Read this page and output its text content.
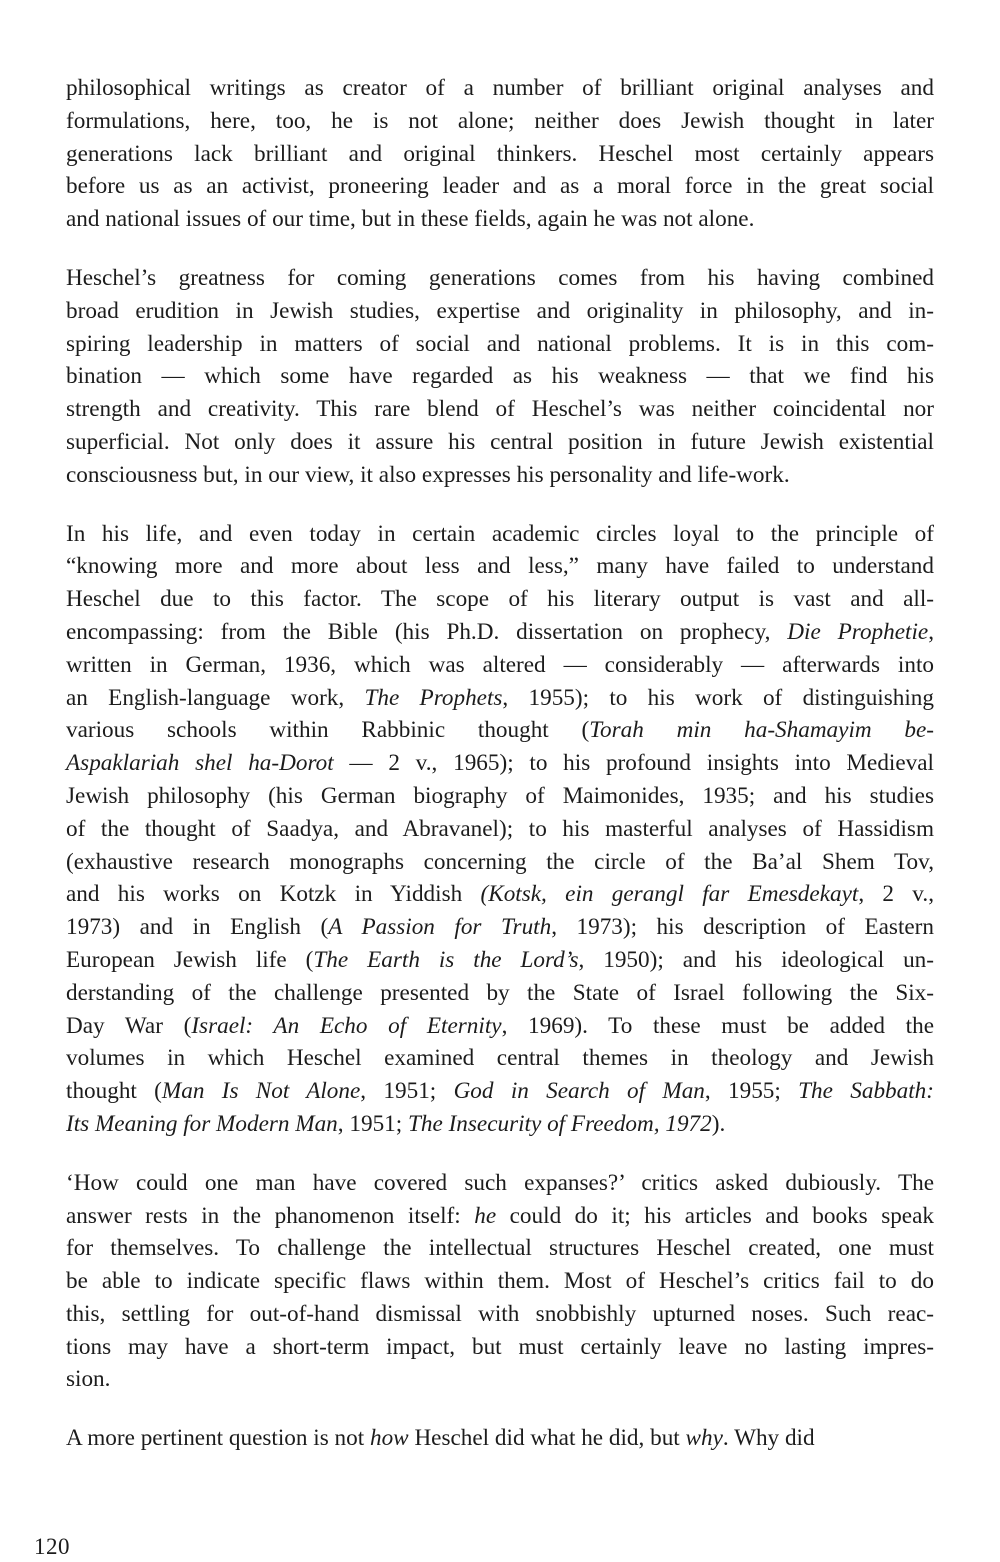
philosophical writings as creator of a number of brilliant original analyses and
formulations, here, too, he is not alone; neither does Jewish thought in later
generations lack brilliant and original thinkers. Heschel most certainly appears
before us as an activist, proneering leader and as a moral force in the great social
and national issues of our time, but in these fields, again he was not alone.
Heschel’s greatness for coming generations comes from his having combined
broad erudition in Jewish studies, expertise and originality in philosophy, and in-
spiring leadership in matters of social and national problems. It is in this com-
bination — which some have regarded as his weakness — that we find his
strength and creativity. This rare blend of Heschel’s was neither coincidental nor
superficial. Not only does it assure his central position in future Jewish existential
consciousness but, in our view, it also expresses his personality and life-work.
In his life, and even today in certain academic circles loyal to the principle of
“knowing more and more about less and less,” many have failed to understand
Heschel due to this factor. The scope of his literary output is vast and all-
encompassing: from the Bible (his Ph.D. dissertation on prophecy, Die Prophetie,
written in German, 1936, which was altered — considerably — afterwards into
an English-language work, The Prophets, 1955); to his work of distinguishing
various schools within Rabbinic thought (Torah min ha-Shamayim be-
Aspaklariah shel ha-Dorot — 2 v., 1965); to his profound insights into Medieval
Jewish philosophy (his German biography of Maimonides, 1935; and his studies
of the thought of Saadya, and Abravanel); to his masterful analyses of Hassidism
(exhaustive research monographs concerning the circle of the Ba’al Shem Tov,
and his works on Kotzk in Yiddish (Kotsk, ein gerangl far Emesdekayt, 2 v.,
1973) and in English (A Passion for Truth, 1973); his description of Eastern
European Jewish life (The Earth is the Lord’s, 1950); and his ideological un-
derstanding of the challenge presented by the State of Israel following the Six-
Day War (Israel: An Echo of Eternity, 1969). To these must be added the
volumes in which Heschel examined central themes in theology and Jewish
thought (Man Is Not Alone, 1951; God in Search of Man, 1955; The Sabbath:
Its Meaning for Modern Man, 1951; The Insecurity of Freedom, 1972).
‘How could one man have covered such expanses?’ critics asked dubiously. The
answer rests in the phanomenon itself: he could do it; his articles and books speak
for themselves. To challenge the intellectual structures Heschel created, one must
be able to indicate specific flaws within them. Most of Heschel’s critics fail to do
this, settling for out-of-hand dismissal with snobbishly upturned noses. Such reac-
tions may have a short-term impact, but must certainly leave no lasting impres-
sion.
A more pertinent question is not how Heschel did what he did, but why. Why did
120
